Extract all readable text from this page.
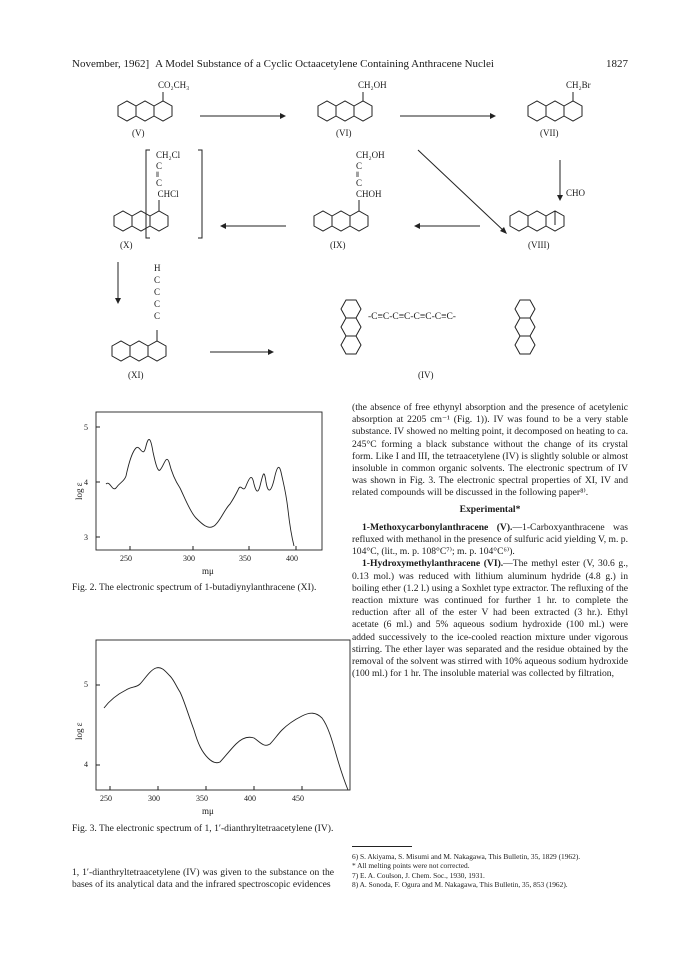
November, 1962] A Model Substance of a Cyclic Octaacetylene Containing Anthracene Nuclei	1827
CO₂CH₃
(V)
CH₂OH
(VI)
CH₂Br
(VII)
CH₂Cl
C
⫴
C
CHCl
(X)
CH₂OH
C
⫴
C
CHOH
(IX)
CHO
(VIII)
H
C
C
C
C
(XI)
-C≡C-C≡C-C≡C-C≡C-
(IV)
5
4
3
log ε
250	300	350	400
mμ
Fig. 2. The electronic spectrum of 1-butadiynylanthracene (XI).
5
4
log ε
250	300	350	400	450
mμ
Fig. 3. The electronic spectrum of 1, 1′-dianthryltetraacetylene (IV).
1, 1′-dianthryltetraacetylene (IV) was given to the substance on the bases of its analytical data and the infrared spectroscopic evidences
(the absence of free ethynyl absorption and the presence of acetylenic absorption at 2205 cm⁻¹ (Fig. 1)). IV was found to be a very stable substance. IV showed no melting point, it decomposed on heating to ca. 245°C forming a black substance without the change of its crystal form. Like I and III, the tetraacetylene (IV) is slightly soluble or almost insoluble in common organic solvents. The electronic spectrum of IV was shown in Fig. 3. The electronic spectral properties of XI, IV and related compounds will be discussed in the following paper⁸⁾.
Experimental*
1-Methoxycarbonylanthracene (V).—1-Carboxyanthracene was refluxed with methanol in the presence of sulfuric acid yielding V, m. p. 104°C, (lit., m. p. 108°C⁷⁾; m. p. 104°C⁶⁾).
1-Hydroxymethylanthracene (VI).—The methyl ester (V, 30.6 g., 0.13 mol.) was reduced with lithium aluminum hydride (4.8 g.) in boiling ether (1.2 l.) using a Soxhlet type extractor. The refluxing of the reaction mixture was continued for further 1 hr. to complete the reduction after all of the ester V had been extracted (3 hr.). Ethyl acetate (6 ml.) and 5% aqueous sodium hydroxide (100 ml.) were added successively to the ice-cooled reaction mixture under vigorous stirring. The ether layer was separated and the residue obtained by the removal of the solvent was stirred with 10% aqueous sodium hydroxide (100 ml.) for 1 hr. The insoluble material was collected by filtration,
6) S. Akiyama, S. Misumi and M. Nakagawa, This Bulletin, 35, 1829 (1962).
* All melting points were not corrected.
7) E. A. Coulson, J. Chem. Soc., 1930, 1931.
8) A. Sonoda, F. Ogura and M. Nakagawa, This Bulletin, 35, 853 (1962).
